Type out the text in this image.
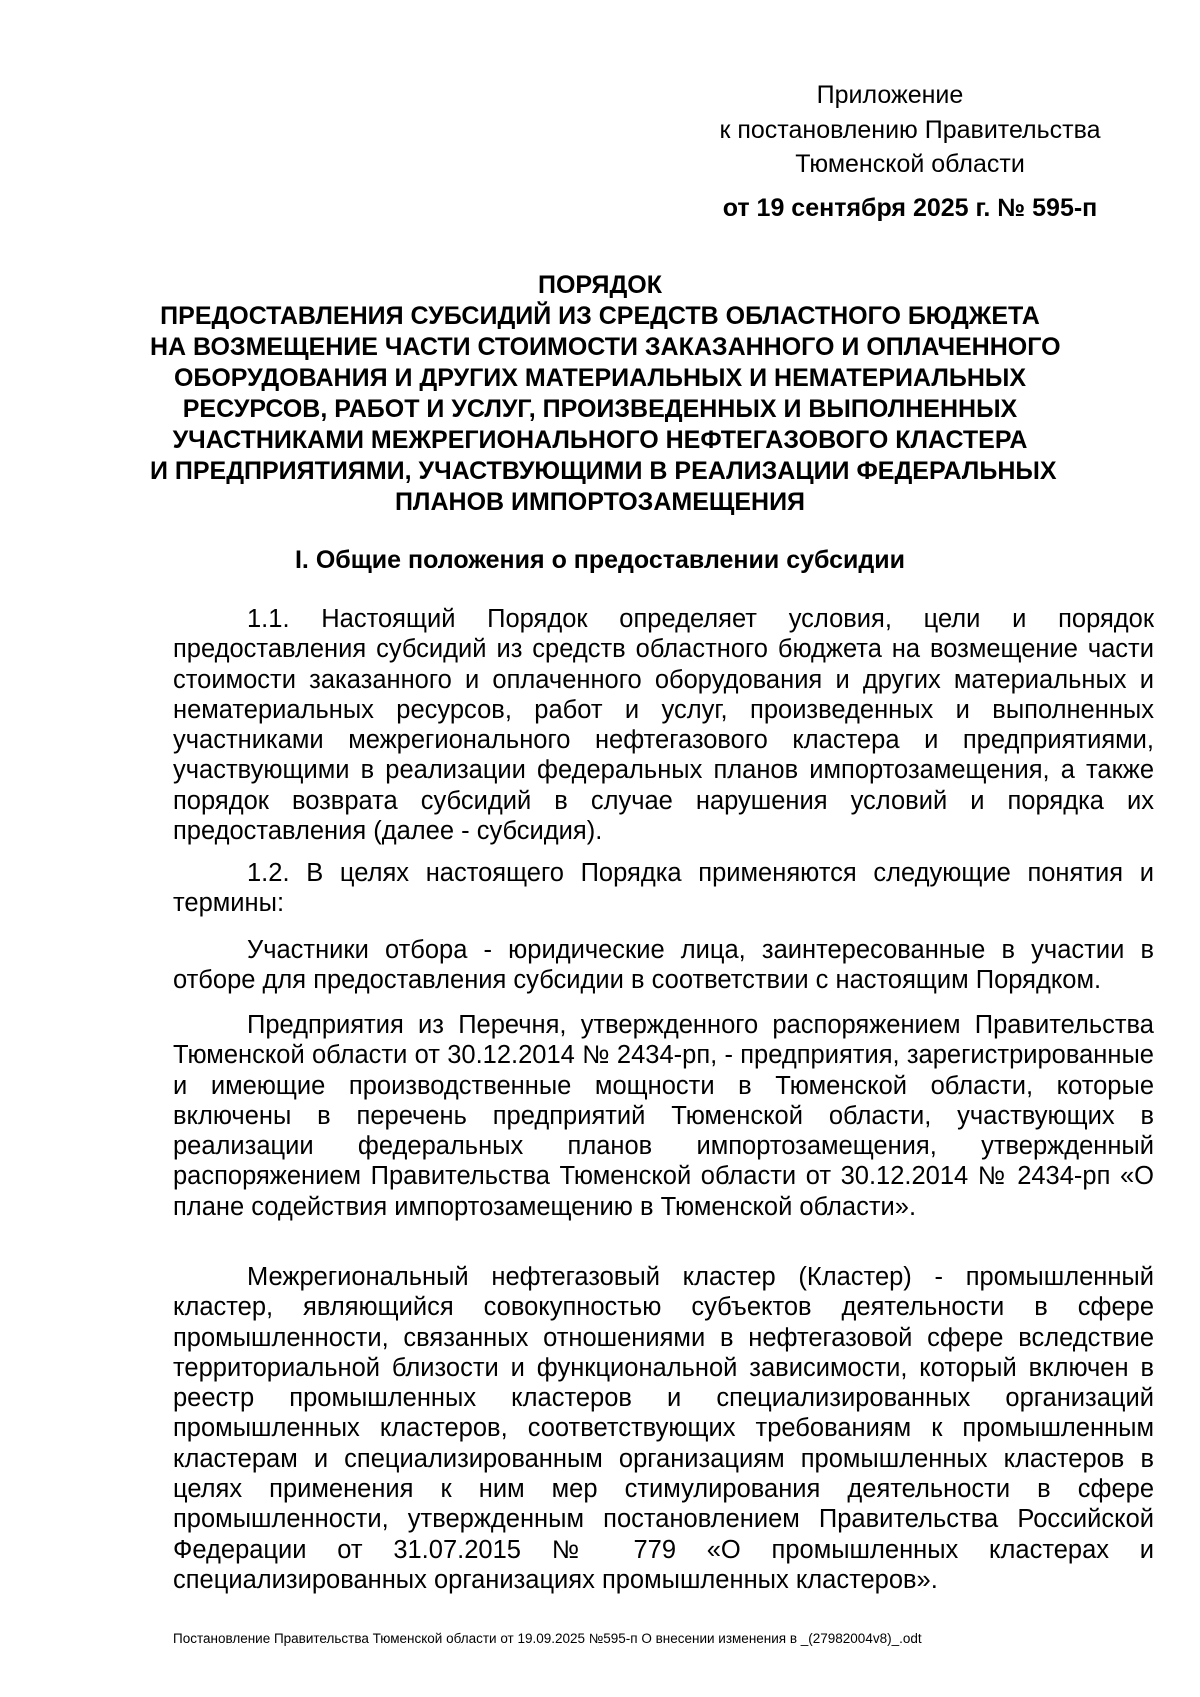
Приложение
к постановлению Правительства
Тюменской области
от 19 сентября 2025 г. № 595-п
ПОРЯДОК
ПРЕДОСТАВЛЕНИЯ СУБСИДИЙ ИЗ СРЕДСТВ ОБЛАСТНОГО БЮДЖЕТА
НА ВОЗМЕЩЕНИЕ ЧАСТИ СТОИМОСТИ ЗАКАЗАННОГО И ОПЛАЧЕННОГО
ОБОРУДОВАНИЯ И ДРУГИХ МАТЕРИАЛЬНЫХ И НЕМАТЕРИАЛЬНЫХ
РЕСУРСОВ, РАБОТ И УСЛУГ, ПРОИЗВЕДЕННЫХ И ВЫПОЛНЕННЫХ
УЧАСТНИКАМИ МЕЖРЕГИОНАЛЬНОГО НЕФТЕГАЗОВОГО КЛАСТЕРА
И ПРЕДПРИЯТИЯМИ, УЧАСТВУЮЩИМИ В РЕАЛИЗАЦИИ ФЕДЕРАЛЬНЫХ
ПЛАНОВ ИМПОРТОЗАМЕЩЕНИЯ
I. Общие положения о предоставлении субсидии
1.1. Настоящий Порядок определяет условия, цели и порядок предоставления субсидий из средств областного бюджета на возмещение части стоимости заказанного и оплаченного оборудования и других материальных и нематериальных ресурсов, работ и услуг, произведенных и выполненных участниками межрегионального нефтегазового кластера и предприятиями, участвующими в реализации федеральных планов импортозамещения, а также порядок возврата субсидий в случае нарушения условий и порядка их предоставления (далее - субсидия).
1.2. В целях настоящего Порядка применяются следующие понятия и термины:
Участники отбора - юридические лица, заинтересованные в участии в отборе для предоставления субсидии в соответствии с настоящим Порядком.
Предприятия из Перечня, утвержденного распоряжением Правительства Тюменской области от 30.12.2014 № 2434-рп, - предприятия, зарегистрированные и имеющие производственные мощности в Тюменской области, которые включены в перечень предприятий Тюменской области, участвующих в реализации федеральных планов импортозамещения, утвержденный распоряжением Правительства Тюменской области от 30.12.2014 № 2434-рп «О плане содействия импортозамещению в Тюменской области».
Межрегиональный нефтегазовый кластер (Кластер) - промышленный кластер, являющийся совокупностью субъектов деятельности в сфере промышленности, связанных отношениями в нефтегазовой сфере вследствие территориальной близости и функциональной зависимости, который включен в реестр промышленных кластеров и специализированных организаций промышленных кластеров, соответствующих требованиям к промышленным кластерам и специализированным организациям промышленных кластеров в целях применения к ним мер стимулирования деятельности в сфере промышленности, утвержденным постановлением Правительства Российской Федерации от 31.07.2015 № 779 «О промышленных кластерах и специализированных организациях промышленных кластеров».
Постановление Правительства Тюменской области от 19.09.2025 №595-п О внесении изменения в _(27982004v8)_.odt
